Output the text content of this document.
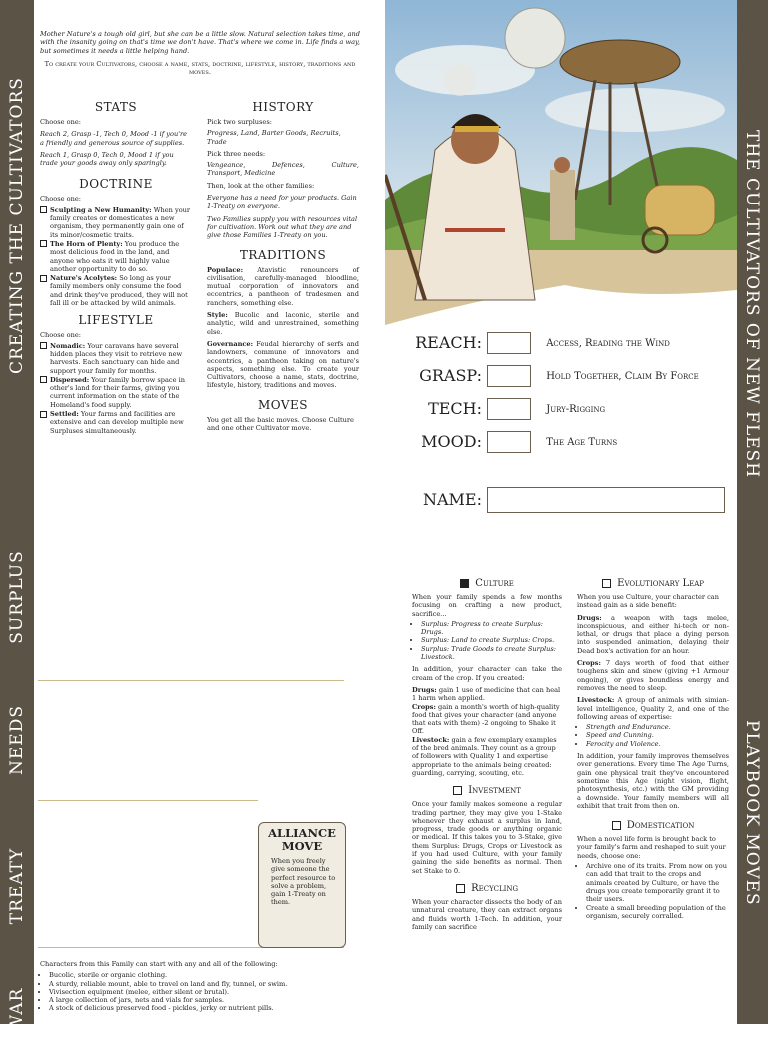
CREATING THE CULTIVATORS
SURPLUS
NEEDS
TREATY
WAR
THE CULTIVATORS OF NEW FLESH
PLAYBOOK MOVES

Mother Nature's a tough old girl, but she can be a little slow. Natural selection takes time, and with the insanity going on that's time we don't have. That's where we come in. Life finds a way, but sometimes it needs a little helping hand.

To create your Cultivators, choose a name, stats, doctrine, lifestyle, history, traditions and moves.

STATS

Choose one:

Reach 2, Grasp -1, Tech 0, Mood -1 if you're a friendly and generous source of supplies.

Reach 1, Grasp 0, Tech 0, Mood 1 if you trade your goods away only sparingly.

DOCTRINE

Choose one:

Sculpting a New Humanity: When your family creates or domesticates a new organism, they permanently gain one of its minor/cosmetic traits.
The Horn of Plenty: You produce the most delicious food in the land, and anyone who eats it will highly value another opportunity to do so.
Nature's Acolytes: So long as your family members only consume the food and drink they've produced, they will not fall ill or be attacked by wild animals.
LIFESTYLE

Choose one:

Nomadic: Your caravans have several hidden places they visit to retrieve new harvests. Each sanctuary can hide and support your family for months.
Dispersed: Your family borrow space in other's land for their farms, giving you current information on the state of the Homeland's food supply.
Settled: Your farms and facilities are extensive and can develop multiple new Surpluses simultaneously.
HISTORY

Pick two surpluses:

Progress, Land, Barter Goods, Recruits, Trade

Pick three needs:

Vengeance, Defences, Culture,

Transport, Medicine

Then, look at the other families:

Everyone has a need for your products. Gain 1-Treaty on everyone.

Two Families supply you with resources vital for cultivation. Work out what they are and give those Families 1-Treaty on you.

TRADITIONS

Populace: Atavistic renouncers of civilisation, carefully-managed bloodline, mutual corporation of innovators and eccentrics, a pantheon of tradesmen and ranchers, something else.

Style: Bucolic and laconic, sterile and analytic, wild and unrestrained, something else.

Governance: Feudal hierarchy of serfs and landowners, commune of innovators and eccentrics, a pantheon taking on nature's aspects, something else. To create your Cultivators, choose a name, stats, doctrine, lifestyle, history, traditions and moves.

MOVES

You get all the basic moves. Choose Culture and one other Cultivator move.

REACH:	Access, Reading the Wind
GRASP:	Hold Together, Claim By Force
TECH:	Jury-Rigging
MOOD:	The Age Turns
NAME:
ALLIANCE MOVE

When you freely give someone the perfect resource to solve a problem, gain 1-Treaty on them.

Characters from this Family can start with any and all of the following:

• Bucolic, sterile or organic clothing.
• A sturdy, reliable mount, able to travel on land and fly, tunnel, or swim.
• Vivisection equipment (melee, either silent or brutal).
• A large collection of jars, nets and vials for samples.
• A stock of delicious preserved food - pickles, jerky or nutrient pills.
Culture

When your family spends a few months focusing on crafting a new product, sacrifice...

• Surplus: Progress to create Surplus: Drugs.
• Surplus: Land to create Surplus: Crops.
• Surplus: Trade Goods to create Surplus: Livestock.

In addition, your character can take the cream of the crop. If you created:

Drugs: gain 1 use of medicine that can heal 1 harm when applied.

Crops: gain a month's worth of high-quality food that gives your character (and anyone that eats with them) -2 ongoing to Shake it Off.

Livestock: gain a few exemplary examples of the bred animals. They count as a group of followers with Quality 1 and expertise appropriate to the animals being created: guarding, carrying, scouting, etc.

Investment

Once your family makes someone a regular trading partner, they may give you 1-Stake whenever they exhaust a surplus in land, progress, trade goods or anything organic or medical. If this takes you to 3-Stake, give them Surplus: Drugs, Crops or Livestock as if you had used Culture, with your family gaining the side benefits as normal. Then set Stake to 0.

Recycling

When your character dissects the body of an unnatural creature, they can extract organs and fluids worth 1-Tech. In addition, your family can sacrifice

Evolutionary Leap

When you use Culture, your character can instead gain as a side benefit:

Drugs: a weapon with tags melee, inconspicuous, and either hi-tech or non-lethal, or drugs that place a dying person into suspended animation, delaying their Dead box's activation for an hour.

Crops: 7 days worth of food that either toughens skin and sinew (giving +1 Armour ongoing), or gives boundless energy and removes the need to sleep.

Livestock: A group of animals with simian-level intelligence, Quality 2, and one of the following areas of expertise:

• Strength and Endurance.
• Speed and Cunning.
• Ferocity and Violence.

In addition, your family improves themselves over generations. Every time The Age Turns, gain one physical trait they've encountered sometime this Age (night vision, flight, photosynthesis, etc.) with the GM providing a downside. Your family members will all exhibit that trait from then on.

Domestication

When a novel life form is brought back to your family's farm and reshaped to suit your needs, choose one:

• Archive one of its traits. From now on you can add that trait to the crops and animals created by Culture, or have the drugs you create temporarily grant it to their users.
• Create a small breeding population of the organism, securely corralled.
